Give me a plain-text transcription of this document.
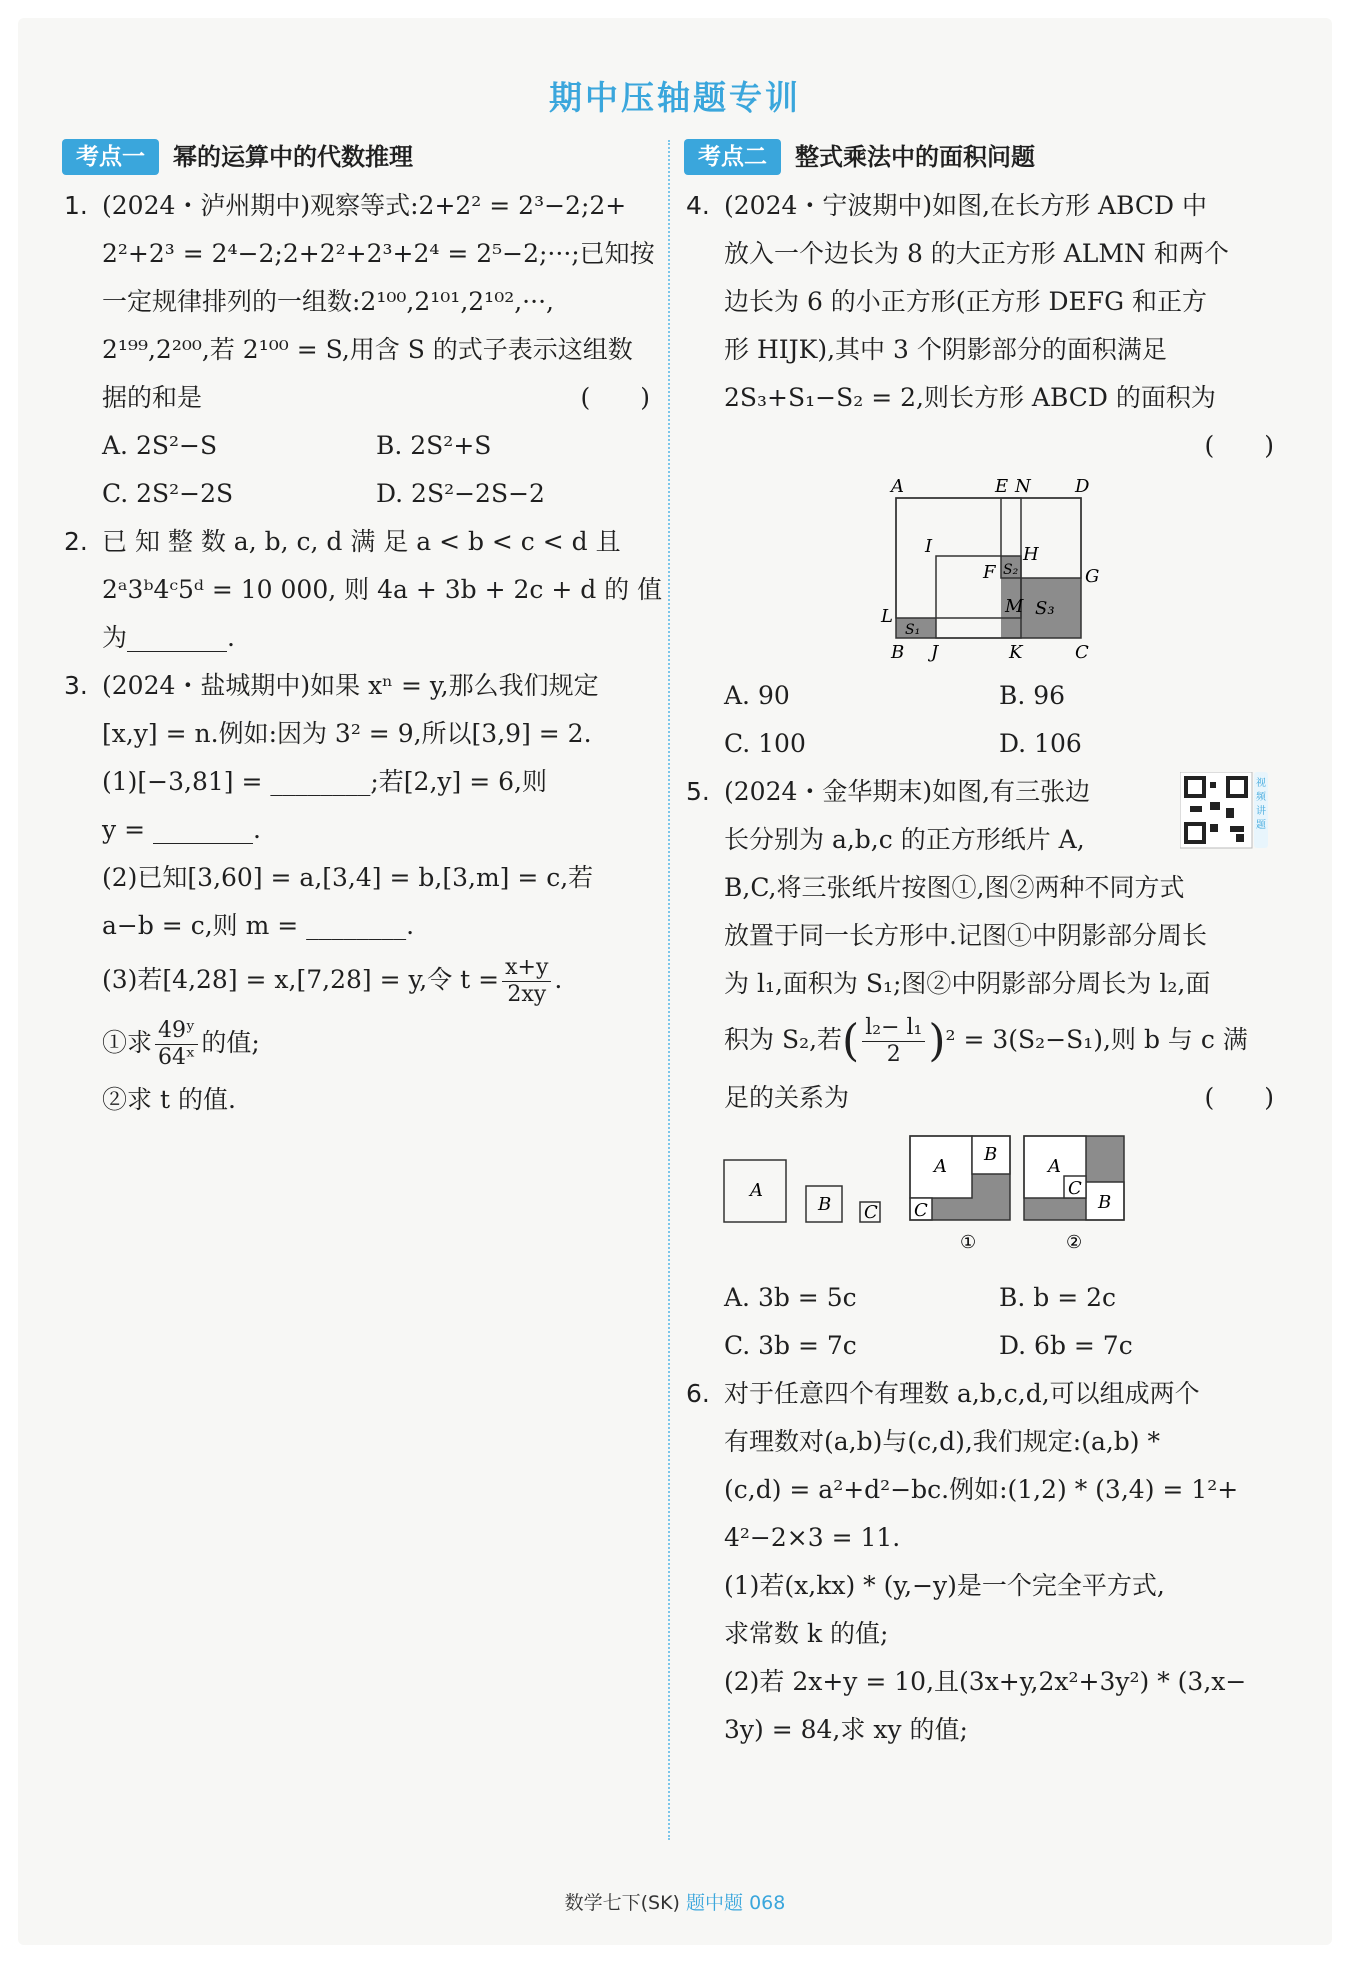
期中压轴题专训
考点一	幂的运算中的代数推理
1. (2024・泸州期中)观察等式:2+2² = 2³−2;2+
2²+2³ = 2⁴−2;2+2²+2³+2⁴ = 2⁵−2;···;已知按
一定规律排列的一组数:2¹⁰⁰,2¹⁰¹,2¹⁰²,···,
2¹⁹⁹,2²⁰⁰,若 2¹⁰⁰ = S,用含 S 的式子表示这组数
据的和是	(　　)
A. 2S²−S	B. 2S²+S
C. 2S²−2S	D. 2S²−2S−2
2. 已 知 整 数 a, b, c, d 满 足 a < b < c < d 且
2ᵃ3ᵇ4ᶜ5ᵈ = 10 000, 则 4a + 3b + 2c + d 的 值
为________.
3. (2024・盐城期中)如果 xⁿ = y,那么我们规定
[x,y] = n.例如:因为 3² = 9,所以[3,9] = 2.
(1)[−3,81] = ________;若[2,y] = 6,则
y = ________.
(2)已知[3,60] = a,[3,4] = b,[3,m] = c,若
a−b = c,则 m = ________.
(3)若[4,28] = x,[7,28] = y,令 $t = \frac{x+y}{2xy}$ .
①求 $\frac{\text{49ʸ}}{\text{64ˣ}}$ 的值;
②求 t 的值.
考点二	整式乘法中的面积问题
4. (2024・宁波期中)如图,在长方形 ABCD 中
放入一个边长为 8 的大正方形 ALMN 和两个
边长为 6 的小正方形(正方形 DEFG 和正方
形 HIJK),其中 3 个阴影部分的面积满足
2S₃+S₁−S₂ = 2,则长方形 ABCD 的面积为
(　　)
A	E N D
I	H
F	G
M
L
B J	K	C
S₂
S₃
S₁
A. 90	B. 96
C. 100	D. 106
5.	视频讲题
(2024・金华期末)如图,有三张边
长分别为 a,b,c 的正方形纸片 A,
B,C,将三张纸片按图①,图②两种不同方式
放置于同一长方形中.记图①中阴影部分周长
为 l₁,面积为 S₁;图②中阴影部分周长为 l₂,面
积为 S₂,若( $\frac{\text{l₂− l₁}}{2} )^2 = 3(S_2-S_1)$,则 b 与 c 满
足的关系为	(　　)
A
B C
A
B
C
①
A
B
C
②
A. 3b = 5c	B. b = 2c
C. 3b = 7c	D. 6b = 7c
6. 对于任意四个有理数 a,b,c,d,可以组成两个
有理数对(a,b)与(c,d),我们规定:(a,b) *
(c,d) = a²+d²−bc.例如:(1,2) * (3,4) = 1²+
4²−2×3 = 11.
(1)若(x,kx) * (y,−y)是一个完全平方式,
求常数 k 的值;
(2)若 2x+y = 10,且(3x+y,2x²+3y²) * (3,x−
3y) = 84,求 xy 的值;
数学七下(SK) 题中题 068
